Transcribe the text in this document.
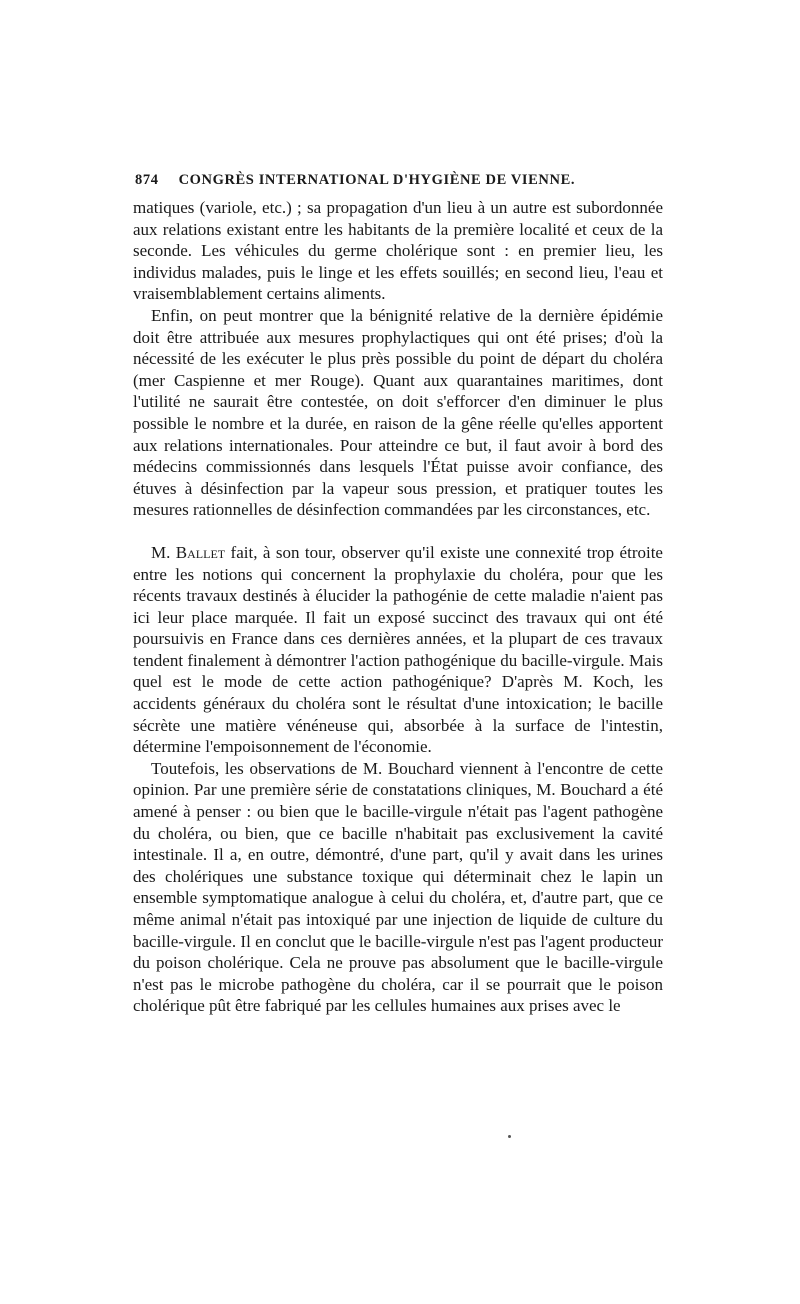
874 CONGRÈS INTERNATIONAL D'HYGIÈNE DE VIENNE.

matiques (variole, etc.) ; sa propagation d'un lieu à un autre est subordonnée aux relations existant entre les habitants de la première localité et ceux de la seconde. Les véhicules du germe cholérique sont : en premier lieu, les individus malades, puis le linge et les effets souillés; en second lieu, l'eau et vraisemblablement certains aliments.

Enfin, on peut montrer que la bénignité relative de la dernière épidémie doit être attribuée aux mesures prophylactiques qui ont été prises; d'où la nécessité de les exécuter le plus près possible du point de départ du choléra (mer Caspienne et mer Rouge). Quant aux quarantaines maritimes, dont l'utilité ne saurait être contestée, on doit s'efforcer d'en diminuer le plus possible le nombre et la durée, en raison de la gêne réelle qu'elles apportent aux relations internationales. Pour atteindre ce but, il faut avoir à bord des médecins commissionnés dans lesquels l'État puisse avoir confiance, des étuves à désinfection par la vapeur sous pression, et pratiquer toutes les mesures rationnelles de désinfection commandées par les circonstances, etc.

M. Ballet fait, à son tour, observer qu'il existe une connexité trop étroite entre les notions qui concernent la prophylaxie du choléra, pour que les récents travaux destinés à élucider la pathogénie de cette maladie n'aient pas ici leur place marquée. Il fait un exposé succinct des travaux qui ont été poursuivis en France dans ces dernières années, et la plupart de ces travaux tendent finalement à démontrer l'action pathogénique du bacille-virgule. Mais quel est le mode de cette action pathogénique? D'après M. Koch, les accidents généraux du choléra sont le résultat d'une intoxication; le bacille sécrète une matière vénéneuse qui, absorbée à la surface de l'intestin, détermine l'empoisonnement de l'économie.

Toutefois, les observations de M. Bouchard viennent à l'encontre de cette opinion. Par une première série de constatations cliniques, M. Bouchard a été amené à penser : ou bien que le bacille-virgule n'était pas l'agent pathogène du choléra, ou bien, que ce bacille n'habitait pas exclusivement la cavité intestinale. Il a, en outre, démontré, d'une part, qu'il y avait dans les urines des cholériques une substance toxique qui déterminait chez le lapin un ensemble symptomatique analogue à celui du choléra, et, d'autre part, que ce même animal n'était pas intoxiqué par une injection de liquide de culture du bacille-virgule. Il en conclut que le bacille-virgule n'est pas l'agent producteur du poison cholérique. Cela ne prouve pas absolument que le bacille-virgule n'est pas le microbe pathogène du choléra, car il se pourrait que le poison cholérique pût être fabriqué par les cellules humaines aux prises avec le
